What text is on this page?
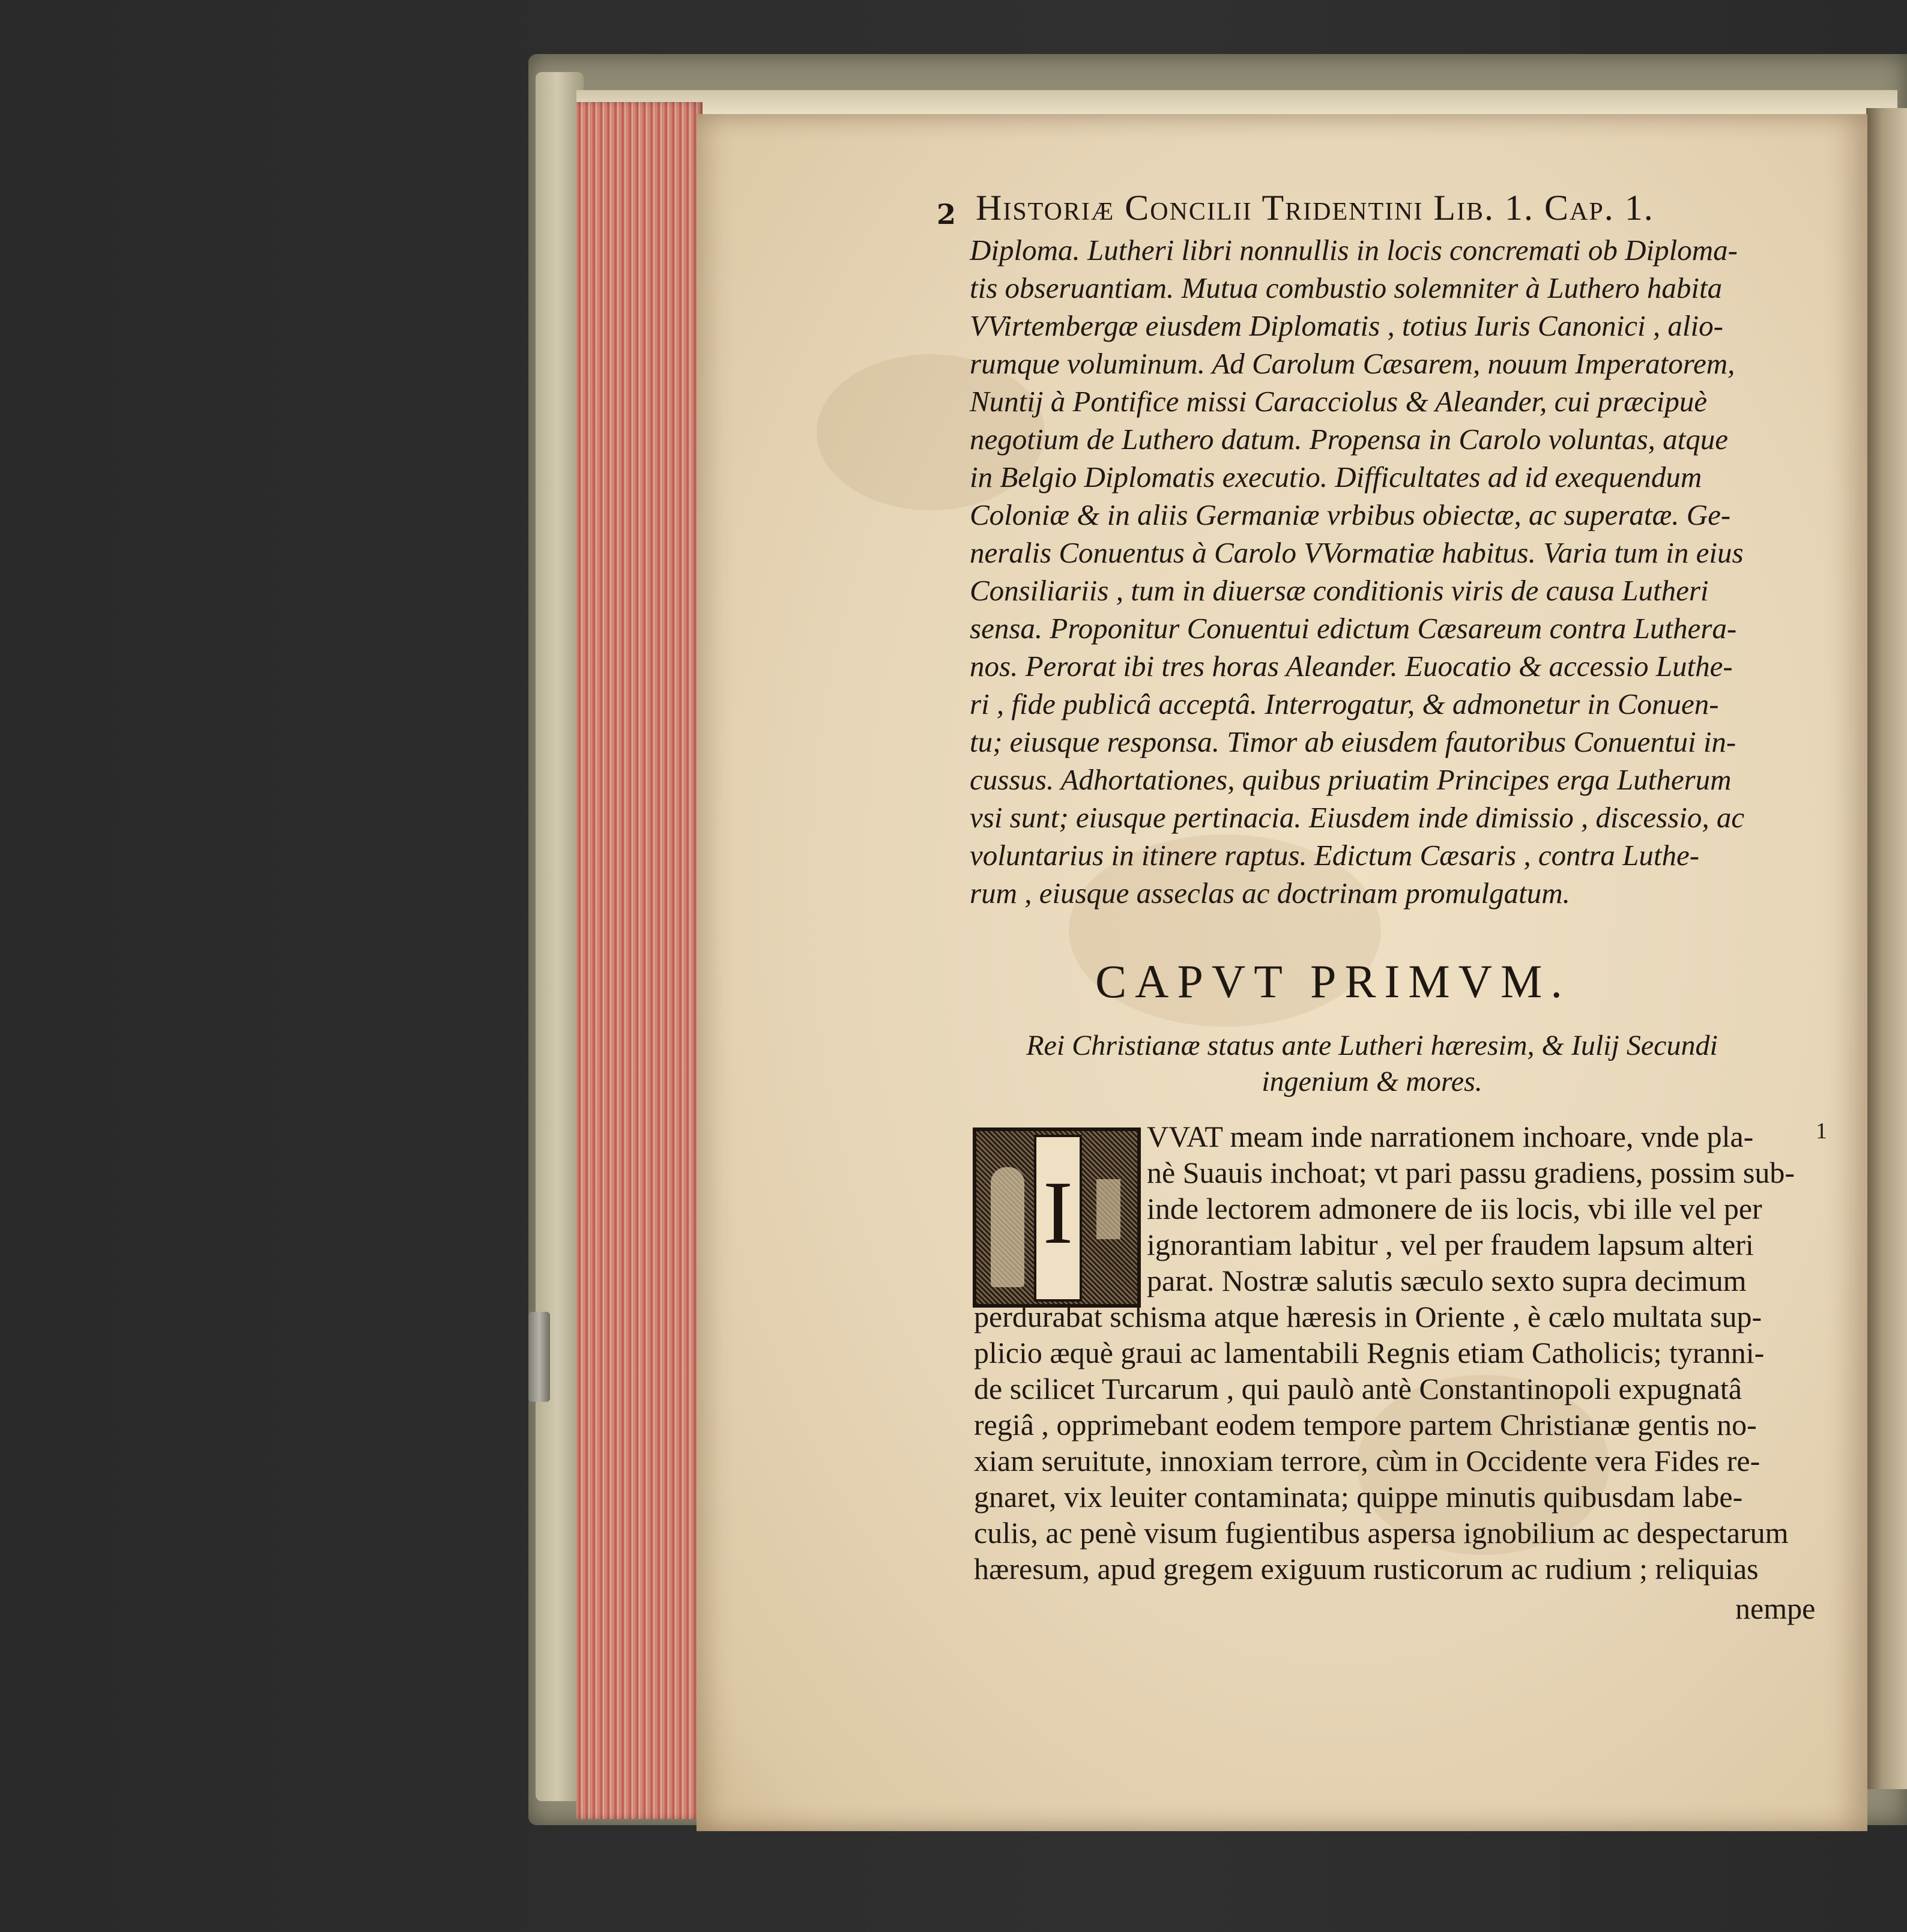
2 Historiæ Concilii Tridentini Lib. 1. Cap. 1.
Diploma. Lutheri libri nonnullis in locis concremati ob Diploma-
tis obseruantiam. Mutua combustio solemniter à Luthero habita
VVirtembergæ eiusdem Diplomatis , totius Iuris Canonici , alio-
rumque voluminum. Ad Carolum Cæsarem, nouum Imperatorem,
Nuntij à Pontifice missi Caracciolus & Aleander, cui præcipuè
negotium de Luthero datum. Propensa in Carolo voluntas, atque
in Belgio Diplomatis executio. Difficultates ad id exequendum
Coloniæ & in aliis Germaniæ vrbibus obiectæ, ac superatæ. Ge-
neralis Conuentus à Carolo VVormatiæ habitus. Varia tum in eius
Consiliariis , tum in diuersæ conditionis viris de causa Lutheri
sensa. Proponitur Conuentui edictum Cæsareum contra Luthera-
nos. Perorat ibi tres horas Aleander. Euocatio & accessio Luthe-
ri , fide publicâ acceptâ. Interrogatur, & admonetur in Conuen-
tu; eiusque responsa. Timor ab eiusdem fautoribus Conuentui in-
cussus. Adhortationes, quibus priuatim Principes erga Lutherum
vsi sunt; eiusque pertinacia. Eiusdem inde dimissio , discessio, ac
voluntarius in itinere raptus. Edictum Cæsaris , contra Luthe-
rum , eiusque asseclas ac doctrinam promulgatum.
CAPVT PRIMVM.
Rei Christianæ status ante Lutheri hæresim, & Iulij Secundi
ingenium & mores.
I
1
VVAT meam inde narrationem inchoare, vnde pla-
nè Suauis inchoat; vt pari passu gradiens, possim sub-
inde lectorem admonere de iis locis, vbi ille vel per
ignorantiam labitur , vel per fraudem lapsum alteri
parat. Nostræ salutis sæculo sexto supra decimum
perdurabat schisma atque hæresis in Oriente , è cælo multata sup-
plicio æquè graui ac lamentabili Regnis etiam Catholicis; tyranni-
de scilicet Turcarum , qui paulò antè Constantinopoli expugnatâ
regiâ , opprimebant eodem tempore partem Christianæ gentis no-
xiam seruitute, innoxiam terrore, cùm in Occidente vera Fides re-
gnaret, vix leuiter contaminata; quippe minutis quibusdam labe-
culis, ac penè visum fugientibus aspersa ignobilium ac despectarum
hæresum, apud gregem exiguum rusticorum ac rudium ; reliquias
nempe
